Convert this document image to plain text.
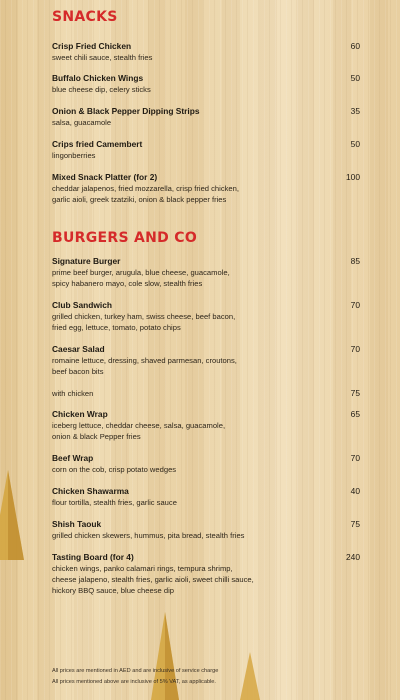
SNACKS
Crisp Fried Chicken
sweet chili sauce, stealth fries
60
Buffalo Chicken Wings
blue cheese dip, celery sticks
50
Onion & Black Pepper Dipping Strips
salsa, guacamole
35
Crips fried Camembert
lingonberries
50
Mixed Snack Platter (for 2)
cheddar jalapenos, fried mozzarella, crisp fried chicken,
garlic aioli, greek tzatziki, onion & black pepper fries
100
BURGERS AND CO
Signature Burger
prime beef burger, arugula, blue cheese, guacamole,
spicy habanero mayo, cole slow, stealth fries
85
Club Sandwich
grilled chicken, turkey ham, swiss cheese, beef bacon,
fried egg, lettuce, tomato, potato chips
70
Caesar Salad
romaine lettuce, dressing, shaved parmesan, croutons,
beef bacon bits
70
with chicken	75
Chicken Wrap
iceberg lettuce, cheddar cheese, salsa, guacamole,
onion & black Pepper fries
65
Beef Wrap
corn on the cob, crisp potato wedges
70
Chicken Shawarma
flour tortilla, stealth fries, garlic sauce
40
Shish Taouk
grilled chicken skewers, hummus, pita bread, stealth fries
75
Tasting Board (for 4)
chicken wings, panko calamari rings, tempura shrimp,
cheese jalapeno, stealth fries, garlic aioli, sweet chilli sauce,
hickory BBQ sauce, blue cheese dip
240
All prices are mentioned in AED and are inclusive of service charge
All prices mentioned above are inclusive of 5% VAT, as applicable.
